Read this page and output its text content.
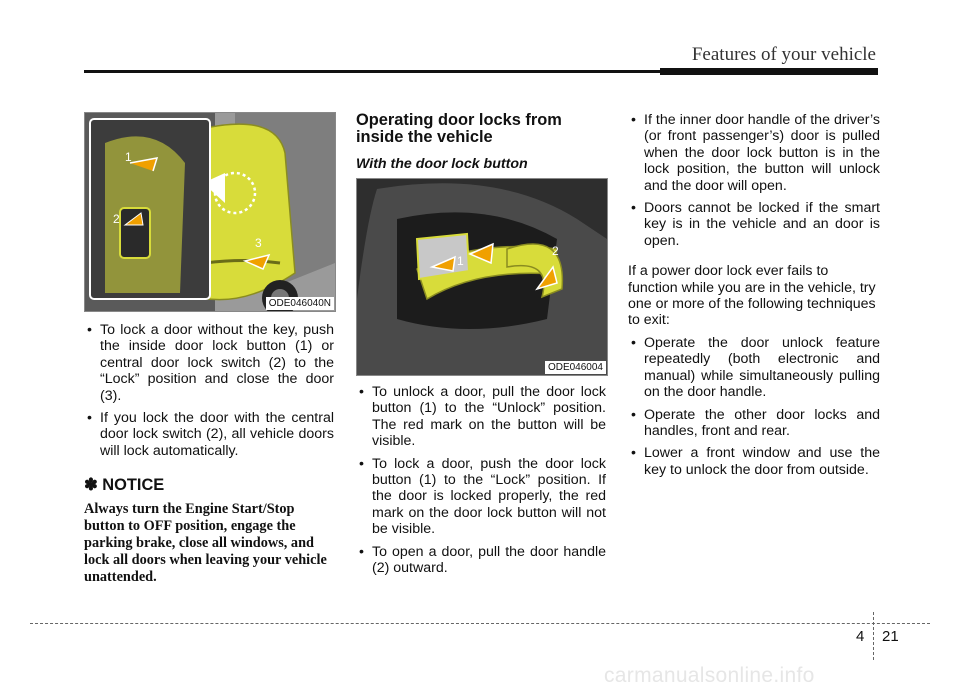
Features of your vehicle
1
2
3
ODE046040N
• To lock a door without the key, push the inside door lock button (1) or central door lock switch (2) to the “Lock” position and close the door (3).
• If you lock the door with the central door lock switch (2), all vehicle doors will lock automatically.
✽ NOTICE
Always turn the Engine Start/Stop button to OFF position, engage the parking brake, close all windows, and lock all doors when leaving your vehicle unattended.
Operating door locks from inside the vehicle
With the door lock button
1
2
ODE046004
• To unlock a door, pull the door lock button (1) to the “Unlock” position. The red mark on the button will be visible.
• To lock a door, push the door lock button (1) to the “Lock” position. If the door is locked properly, the red mark on the door lock button will not be visible.
• To open a door, pull the door handle (2) outward.
• If the inner door handle of the driver’s (or front passenger’s) door is pulled when the door lock button is in the lock position, the button will unlock and the door will open.
• Doors cannot be locked if the smart key is in the vehicle and an door is open.

If a power door lock ever fails to function while you are in the vehicle, try one or more of the following techniques to exit:

• Operate the door unlock feature repeatedly (both electronic and manual) while simultaneously pulling on the door handle.
• Operate the other door locks and handles, front and rear.
• Lower a front window and use the key to unlock the door from outside.
4 21
carmanualsonline.info
